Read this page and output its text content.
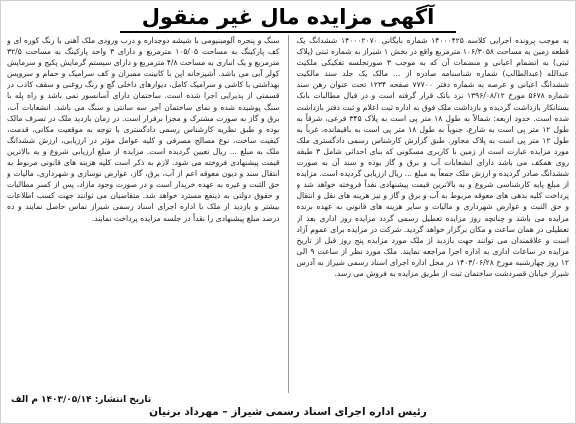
آگهی مزایده مال غیر منقول

به موجب پرونده اجرایی کلاسه ۱۴۰۰۰۴۲۵ شماره بایگانی ۱۴۰۰۰۲۰۷۰ ششدانگ یک قطعه زمین به مساحت ۱۰۶/۳۰۵۸ مترمربع واقع در بخش ۱ شیراز به شماره ثبتی (پلاک ثبتی) به انضمام اعیانی و منضمات آن که به موجب ۳ صورتجلسه تفکیکی ملکیت عبدالله (عبدالطالب) شماره شناسنامه صادره از ... مالک یک جلد سند مالکیت ششدانگ اعیانی و عرصه به شماره دفتر ۷۷۷۰۰ صفحه ۱۲۳۴ تحت عنوان رهن سند شماره ۵۶۷۸ مورخ ۱۳۹۶/۰۸/۱۲ نزد بانک قرار گرفته است و در قبال مطالبات بانک بستانکار بازداشت گردیده و بازداشت ملک فوق به اداره ثبت اعلام و ثبت دفتر بازداشت شده است. حدود اربعه: شمالاً به طول ۱۸ متر پی است به پلاک ۳۴۵ فرعی، شرقاً به طول ۱۲ متر پی است به شارع، جنوباً به طول ۱۸ متر پی است به باقیمانده، غرباً به طول ۱۲ متر پی است به پلاک مجاور. طبق گزارش کارشناس رسمی دادگستری ملک مورد مزایده عبارت است از زمین با کاربری مسکونی که بنای احداثی شامل ۳ طبقه روی همکف می باشد دارای انشعابات آب و برق و گاز بوده و سند آن به صورت ششدانگ صادر گردیده و ارزش ملک جمعاً به مبلغ ... ریال ارزیابی گردیده است. مزایده از مبلغ پایه کارشناسی شروع و به بالاترین قیمت پیشنهادی نقداً فروخته خواهد شد و پرداخت کلیه بدهی های معوقه مربوط به آب و برق و گاز و نیز هزینه های نقل و انتقال و حق الثبت و عوارض شهرداری و مالیات و سایر هزینه های قانونی به عهده برنده مزایده می باشد و چنانچه روز مزایده تعطیل رسمی گردد مزایده روز اداری بعد از تعطیلی در همان ساعت و مکان برگزار خواهد گردید. شرکت در مزایده برای عموم آزاد است و علاقمندان می توانند جهت بازدید از ملک مورد مزایده پنج روز قبل از تاریخ مزایده در ساعات اداری به اداره اجرا مراجعه نمایند. ملک مورد نظر از ساعت ۹ الی ۱۲ روز چهارشنبه مورخ ۱۴۰۳/۰۶/۲۸ در محل اداره اجرای اسناد رسمی شیراز به آدرس شیراز خیابان قصردشت ساختمان ثبت از طریق مزایده به فروش می رسد.

سنگ و پنجره آلومینیومی با شیشه دوجداره و درب ورودی ملک آهنی با رنگ کوره ای و کف پارکینگ به مساحت ۱۰۵/۰۵ مترمربع و دارای ۳ واحد پارکینگ به مساحت ۳۲/۵ مترمربع و یک انباری به مساحت ۴/۸ مترمربع و دارای سیستم گرمایش پکیج و سرمایش کولر آبی می باشد. آشپزخانه اپن با کابینت ممبران و کف سرامیک و حمام و سرویس بهداشتی با کاشی و سرامیک کامل، دیوارهای داخلی گچ و رنگ روغنی و سقف کاذب در قسمتی از پذیرایی اجرا شده است. ساختمان دارای آسانسور نمی باشد و راه پله با سنگ پوشیده شده و نمای ساختمان آجر سه سانتی و سنگ می باشد. انشعابات آب، برق و گاز به صورت مشترک و مجزا برقرار است. در زمان بازدید ملک در تصرف مالک بوده و طبق نظریه کارشناس رسمی دادگستری با توجه به موقعیت مکانی، قدمت، کیفیت ساخت، نوع مصالح مصرفی و کلیه عوامل مؤثر در ارزیابی، ارزش ششدانگ ملک به مبلغ ... ریال تعیین گردیده است. مزایده از مبلغ ارزیابی شروع و به بالاترین قیمت پیشنهادی فروخته می شود. لازم به ذکر است کلیه هزینه های قانونی مربوط به انتقال سند و دیون معوقه اعم از آب، برق، گاز، عوارض نوسازی و شهرداری، مالیات و حق الثبت و غیره به عهده خریدار است و در صورت وجود مازاد، پس از کسر مطالبات و حقوق دولتی به ذینفع مسترد خواهد شد. متقاضیان می توانند جهت کسب اطلاعات بیشتر و بازدید از ملک با اداره اجرای اسناد رسمی شیراز تماس حاصل نمایند و ده درصد مبلغ پیشنهادی را نقداً در جلسه مزایده پرداخت نمایند.

تاریخ انتشار: ۱۴۰۳/۰۵/۱۴ م الف
رئیس اداره اجرای اسناد رسمی شیراز – مهرداد برنیان
